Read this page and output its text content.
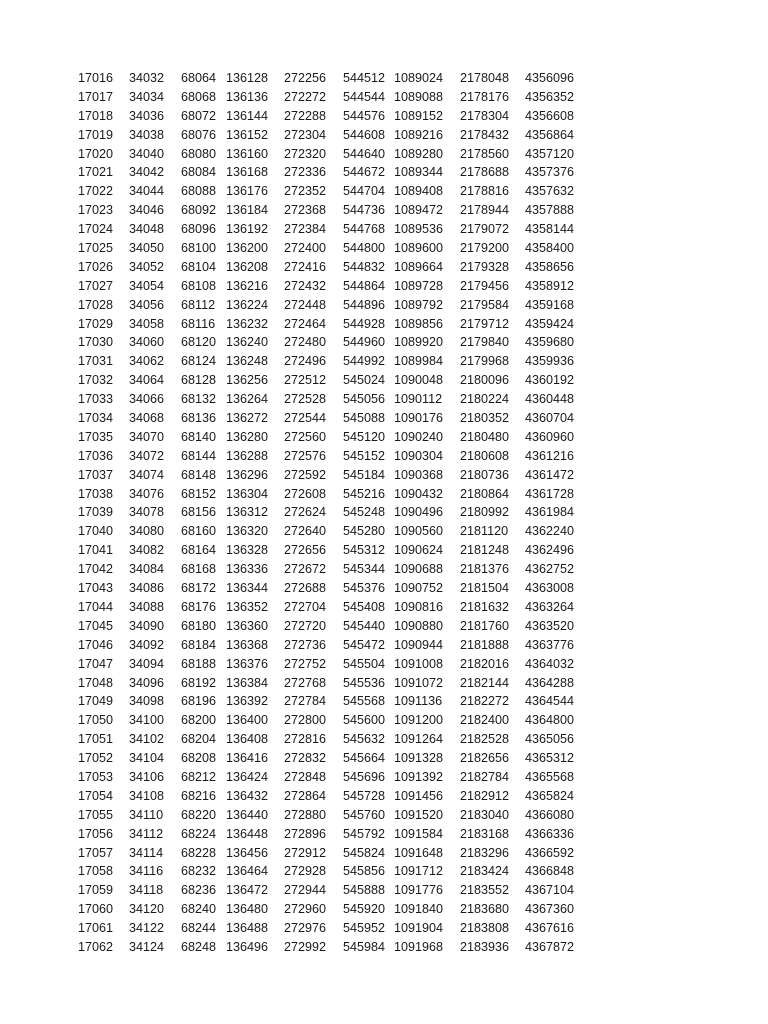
17016 34032 68064 136128 272256 544512 1089024 2178048 4356096
17017 34034 68068 136136 272272 544544 1089088 2178176 4356352
17018 34036 68072 136144 272288 544576 1089152 2178304 4356608
17019 34038 68076 136152 272304 544608 1089216 2178432 4356864
17020 34040 68080 136160 272320 544640 1089280 2178560 4357120
17021 34042 68084 136168 272336 544672 1089344 2178688 4357376
17022 34044 68088 136176 272352 544704 1089408 2178816 4357632
17023 34046 68092 136184 272368 544736 1089472 2178944 4357888
17024 34048 68096 136192 272384 544768 1089536 2179072 4358144
17025 34050 68100 136200 272400 544800 1089600 2179200 4358400
17026 34052 68104 136208 272416 544832 1089664 2179328 4358656
17027 34054 68108 136216 272432 544864 1089728 2179456 4358912
17028 34056 68112 136224 272448 544896 1089792 2179584 4359168
17029 34058 68116 136232 272464 544928 1089856 2179712 4359424
17030 34060 68120 136240 272480 544960 1089920 2179840 4359680
17031 34062 68124 136248 272496 544992 1089984 2179968 4359936
17032 34064 68128 136256 272512 545024 1090048 2180096 4360192
17033 34066 68132 136264 272528 545056 1090112 2180224 4360448
17034 34068 68136 136272 272544 545088 1090176 2180352 4360704
17035 34070 68140 136280 272560 545120 1090240 2180480 4360960
17036 34072 68144 136288 272576 545152 1090304 2180608 4361216
17037 34074 68148 136296 272592 545184 1090368 2180736 4361472
17038 34076 68152 136304 272608 545216 1090432 2180864 4361728
17039 34078 68156 136312 272624 545248 1090496 2180992 4361984
17040 34080 68160 136320 272640 545280 1090560 2181120 4362240
17041 34082 68164 136328 272656 545312 1090624 2181248 4362496
17042 34084 68168 136336 272672 545344 1090688 2181376 4362752
17043 34086 68172 136344 272688 545376 1090752 2181504 4363008
17044 34088 68176 136352 272704 545408 1090816 2181632 4363264
17045 34090 68180 136360 272720 545440 1090880 2181760 4363520
17046 34092 68184 136368 272736 545472 1090944 2181888 4363776
17047 34094 68188 136376 272752 545504 1091008 2182016 4364032
17048 34096 68192 136384 272768 545536 1091072 2182144 4364288
17049 34098 68196 136392 272784 545568 1091136 2182272 4364544
17050 34100 68200 136400 272800 545600 1091200 2182400 4364800
17051 34102 68204 136408 272816 545632 1091264 2182528 4365056
17052 34104 68208 136416 272832 545664 1091328 2182656 4365312
17053 34106 68212 136424 272848 545696 1091392 2182784 4365568
17054 34108 68216 136432 272864 545728 1091456 2182912 4365824
17055 34110 68220 136440 272880 545760 1091520 2183040 4366080
17056 34112 68224 136448 272896 545792 1091584 2183168 4366336
17057 34114 68228 136456 272912 545824 1091648 2183296 4366592
17058 34116 68232 136464 272928 545856 1091712 2183424 4366848
17059 34118 68236 136472 272944 545888 1091776 2183552 4367104
17060 34120 68240 136480 272960 545920 1091840 2183680 4367360
17061 34122 68244 136488 272976 545952 1091904 2183808 4367616
17062 34124 68248 136496 272992 545984 1091968 2183936 4367872
